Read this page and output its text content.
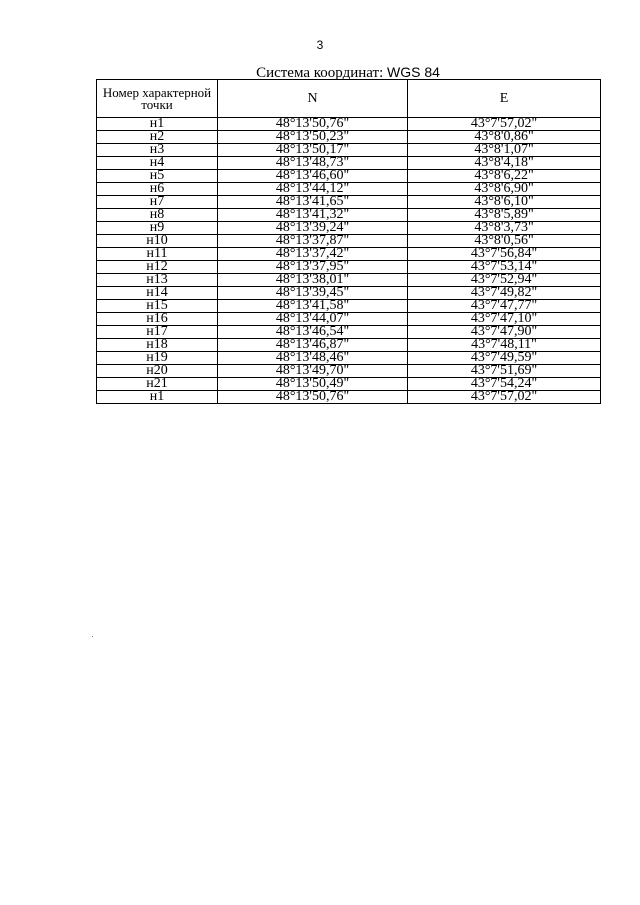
3
Система координат: WGS 84
Номер характерной точки	N	E
н1	48°13'50,76"	43°7'57,02"
н2	48°13'50,23"	43°8'0,86"
н3	48°13'50,17"	43°8'1,07"
н4	48°13'48,73"	43°8'4,18"
н5	48°13'46,60"	43°8'6,22"
н6	48°13'44,12"	43°8'6,90"
н7	48°13'41,65"	43°8'6,10"
н8	48°13'41,32"	43°8'5,89"
н9	48°13'39,24"	43°8'3,73"
н10	48°13'37,87"	43°8'0,56"
н11	48°13'37,42"	43°7'56,84"
н12	48°13'37,95"	43°7'53,14"
н13	48°13'38,01"	43°7'52,94"
н14	48°13'39,45"	43°7'49,82"
н15	48°13'41,58"	43°7'47,77"
н16	48°13'44,07"	43°7'47,10"
н17	48°13'46,54"	43°7'47,90"
н18	48°13'46,87"	43°7'48,11"
н19	48°13'48,46"	43°7'49,59"
н20	48°13'49,70"	43°7'51,69"
н21	48°13'50,49"	43°7'54,24"
н1	48°13'50,76"	43°7'57,02"
